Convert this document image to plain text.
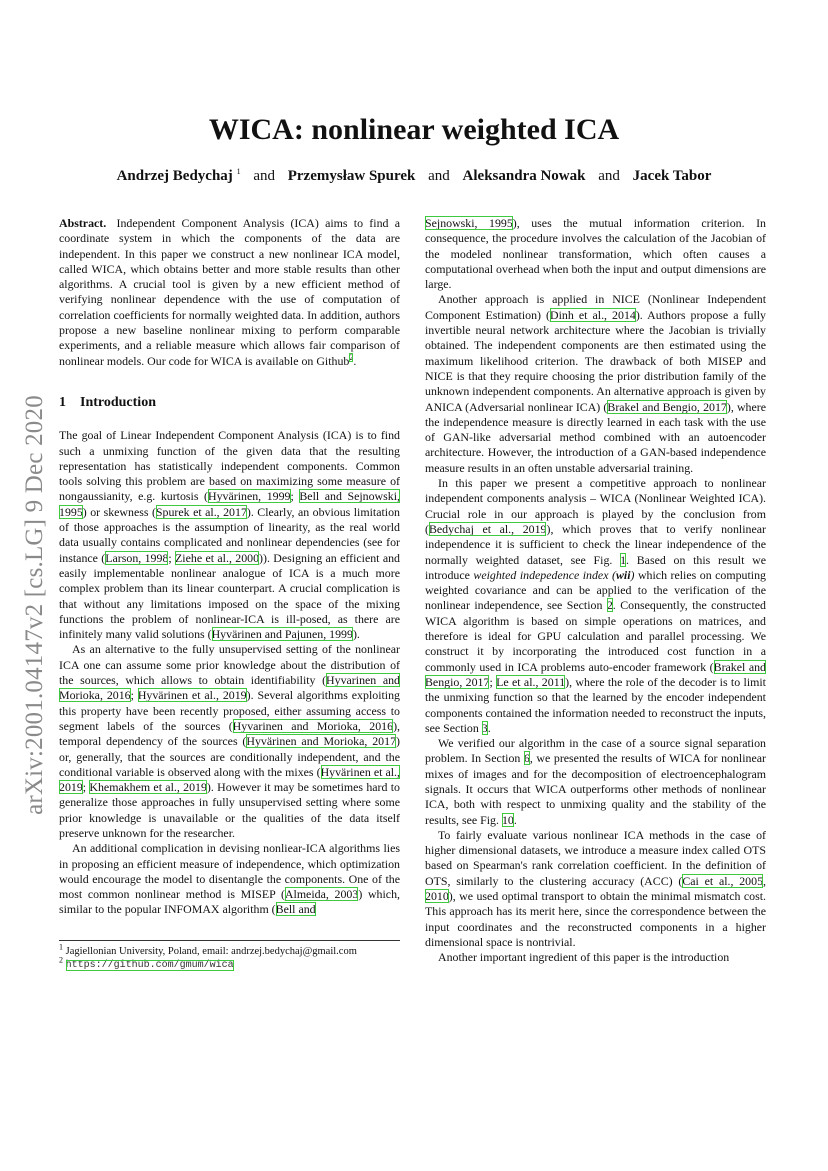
arXiv:2001.04147v2 [cs.LG] 9 Dec 2020
WICA: nonlinear weighted ICA
Andrzej Bedychaj $^1$ and Przemysław Spurek and Aleksandra Nowak and Jacek Tabor

Abstract. Independent Component Analysis (ICA) aims to find a coordinate system in which the components of the data are independent. In this paper we construct a new nonlinear ICA model, called WICA, which obtains better and more stable results than other algorithms. A crucial tool is given by a new efficient method of verifying nonlinear dependence with the use of computation of correlation coefficients for normally weighted data. In addition, authors propose a new baseline nonlinear mixing to perform comparable experiments, and a reliable measure which allows fair comparison of nonlinear models. Our code for WICA is available on Github$^2$.

1 Introduction

The goal of Linear Independent Component Analysis (ICA) is to find such a unmixing function of the given data that the resulting representation has statistically independent components. Common tools solving this problem are based on maximizing some measure of nongaussianity, e.g. kurtosis (Hyvärinen, 1999; Bell and Sejnowski, 1995) or skewness (Spurek et al., 2017). Clearly, an obvious limitation of those approaches is the assumption of linearity, as the real world data usually contains complicated and nonlinear dependencies (see for instance (Larson, 1998; Ziehe et al., 2000)). Designing an efficient and easily implementable nonlinear analogue of ICA is a much more complex problem than its linear counterpart. A crucial complication is that without any limitations imposed on the space of the mixing functions the problem of nonlinear-ICA is ill-posed, as there are infinitely many valid solutions (Hyvärinen and Pajunen, 1999).

As an alternative to the fully unsupervised setting of the nonlinear ICA one can assume some prior knowledge about the distribution of the sources, which allows to obtain identifiability (Hyvarinen and Morioka, 2016; Hyvärinen et al., 2019). Several algorithms exploiting this property have been recently proposed, either assuming access to segment labels of the sources (Hyvarinen and Morioka, 2016), temporal dependency of the sources (Hyvärinen and Morioka, 2017) or, generally, that the sources are conditionally independent, and the conditional variable is observed along with the mixes (Hyvärinen et al., 2019; Khemakhem et al., 2019). However it may be sometimes hard to generalize those approaches in fully unsupervised setting where some prior knowledge is unavailable or the qualities of the data itself preserve unknown for the researcher.

An additional complication in devising nonliear-ICA algorithms lies in proposing an efficient measure of independence, which optimization would encourage the model to disentangle the components. One of the most common nonlinear method is MISEP (Almeida, 2003) which, similar to the popular INFOMAX algorithm (Bell and

$^1$ Jagiellonian University, Poland, email: andrzej.bedychaj@gmail.com
$^2$ https://github.com/gmum/wica

Sejnowski, 1995), uses the mutual information criterion. In consequence, the procedure involves the calculation of the Jacobian of the modeled nonlinear transformation, which often causes a computational overhead when both the input and output dimensions are large.

Another approach is applied in NICE (Nonlinear Independent Component Estimation) (Dinh et al., 2014). Authors propose a fully invertible neural network architecture where the Jacobian is trivially obtained. The independent components are then estimated using the maximum likelihood criterion. The drawback of both MISEP and NICE is that they require choosing the prior distribution family of the unknown independent components. An alternative approach is given by ANICA (Adversarial nonlinear ICA) (Brakel and Bengio, 2017), where the independence measure is directly learned in each task with the use of GAN-like adversarial method combined with an autoencoder architecture. However, the introduction of a GAN-based independence measure results in an often unstable adversarial training.

In this paper we present a competitive approach to nonlinear independent components analysis – WICA (Nonlinear Weighted ICA). Crucial role in our approach is played by the conclusion from (Bedychaj et al., 2019), which proves that to verify nonlinear independence it is sufficient to check the linear independence of the normally weighted dataset, see Fig. 1. Based on this result we introduce weighted indepedence index (wii) which relies on computing weighted covariance and can be applied to the verification of the nonlinear independence, see Section 2. Consequently, the constructed WICA algorithm is based on simple operations on matrices, and therefore is ideal for GPU calculation and parallel processing. We construct it by incorporating the introduced cost function in a commonly used in ICA problems auto-encoder framework (Brakel and Bengio, 2017; Le et al., 2011), where the role of the decoder is to limit the unmixing function so that the learned by the encoder independent components contained the information needed to reconstruct the inputs, see Section 3.

We verified our algorithm in the case of a source signal separation problem. In Section 6, we presented the results of WICA for nonlinear mixes of images and for the decomposition of electroencephalogram signals. It occurs that WICA outperforms other methods of nonlinear ICA, both with respect to unmixing quality and the stability of the results, see Fig. 10.

To fairly evaluate various nonlinear ICA methods in the case of higher dimensional datasets, we introduce a measure index called OTS based on Spearman's rank correlation coefficient. In the definition of OTS, similarly to the clustering accuracy (ACC) (Cai et al., 2005, 2010), we used optimal transport to obtain the minimal mismatch cost. This approach has its merit here, since the correspondence between the input coordinates and the reconstructed components in a higher dimensional space is nontrivial.

Another important ingredient of this paper is the introduction
